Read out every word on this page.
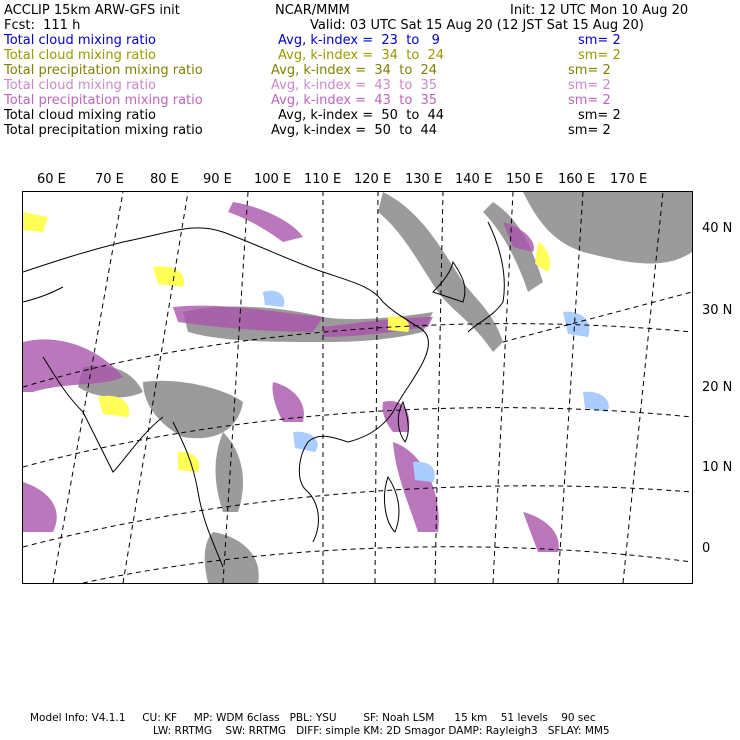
ACCLIP 15km ARW-GFS init	NCAR/MMM	Init: 12 UTC Mon 10 Aug 20
Fcst:  111 h	Valid: 03 UTC Sat 15 Aug 20 (12 JST Sat 15 Aug 20)
Total cloud mixing ratio	Avg, k-index =  23  to   9	sm= 2
Total cloud mixing ratio	Avg, k-index =  34  to  24	sm= 2
Total precipitation mixing ratio	Avg, k-index =  34  to  24	sm= 2
Total cloud mixing ratio	Avg, k-index =  43  to  35	sm= 2
Total precipitation mixing ratio	Avg, k-index =  43  to  35	sm= 2
Total cloud mixing ratio	Avg, k-index =  50  to  44	sm= 2
Total precipitation mixing ratio	Avg, k-index =  50  to  44	sm= 2
60 E 70 E 80 E 90 E 100 E 110 E 120 E 130 E 140 E 150 E 160 E 170 E
40 N
30 N
20 N
10 N
0
Model Info: V4.1.1     CU: KF     MP: WDM 6class   PBL: YSU        SF: Noah LSM      15 km    51 levels    90 sec
LW: RRTMG    SW: RRTMG   DIFF: simple KM: 2D Smagor DAMP: Rayleigh3   SFLAY: MM5
